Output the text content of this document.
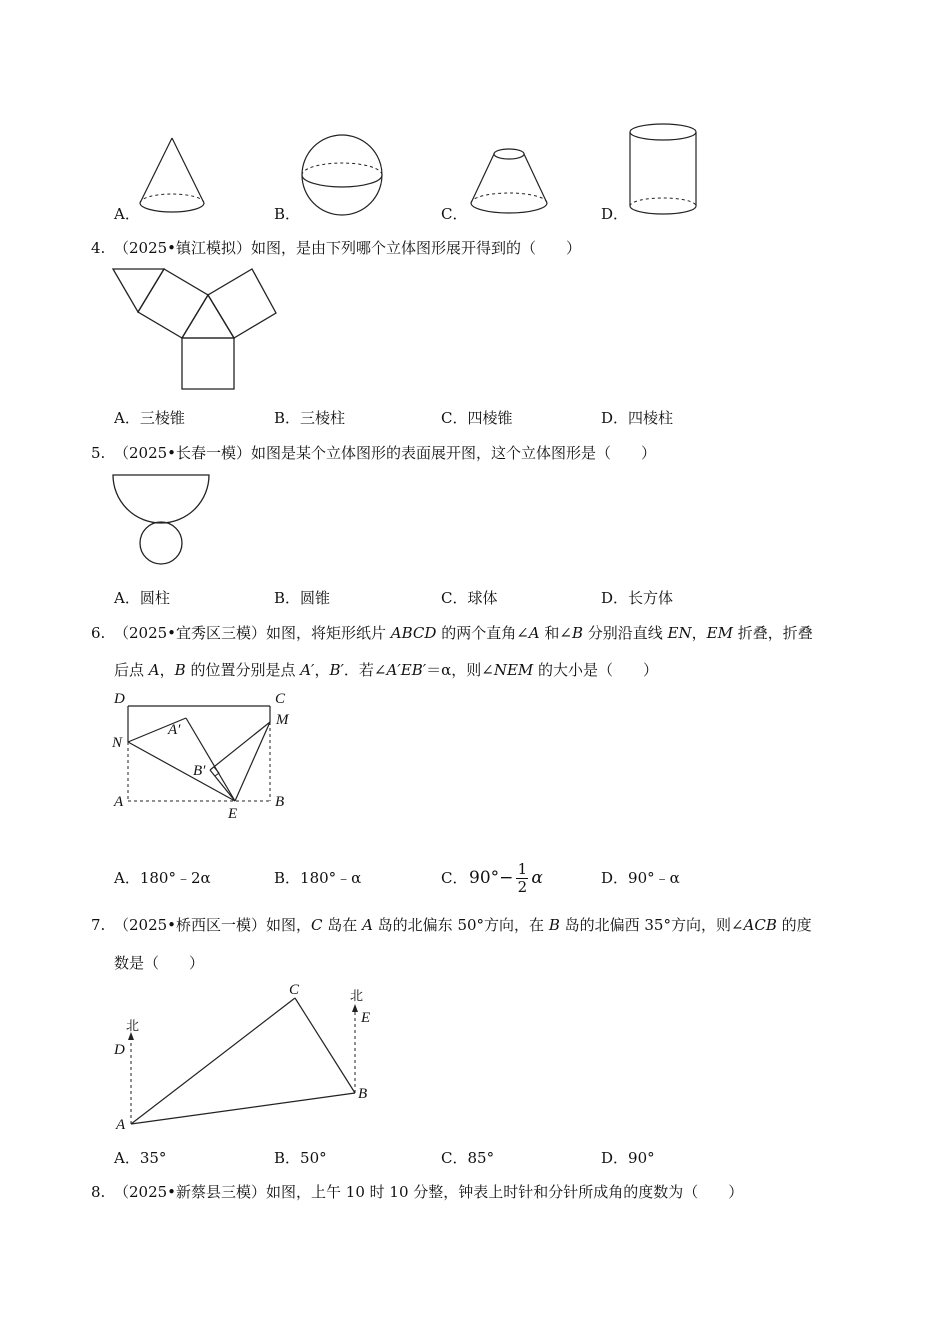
A．	B．	C．	D．
4. （2025•镇江模拟）如图，是由下列哪个立体图形展开得到的（　　）
A．三棱锥	B．三棱柱	C．四棱锥	D．四棱柱
5. （2025•长春一模）如图是某个立体图形的表面展开图，这个立体图形是（　　）
A．圆柱	B．圆锥	C．球体	D．长方体
6. （2025•宜秀区三模）如图，将矩形纸片 ABCD 的两个直角∠A 和∠B 分别沿直线 EN，EM 折叠，折叠
后点 A，B 的位置分别是点 A′，B′．若∠A′EB′＝α，则∠NEM 的大小是（　　）
D	C
M
N
A′
B′
A	B
E
A．180°﹣2α	B．180°﹣α	C． 90°− 1
2 α	D．90°﹣α
7. （2025•桥西区一模）如图，C 岛在 A 岛的北偏东 50°方向，在 B 岛的北偏西 35°方向，则∠ACB 的度
数是（　　）
C
北
北
E
D
B
A
A．35°	B．50°	C．85°	D．90°
8. （2025•新蔡县三模）如图，上午 10 时 10 分整，钟表上时针和分针所成角的度数为（　　）
